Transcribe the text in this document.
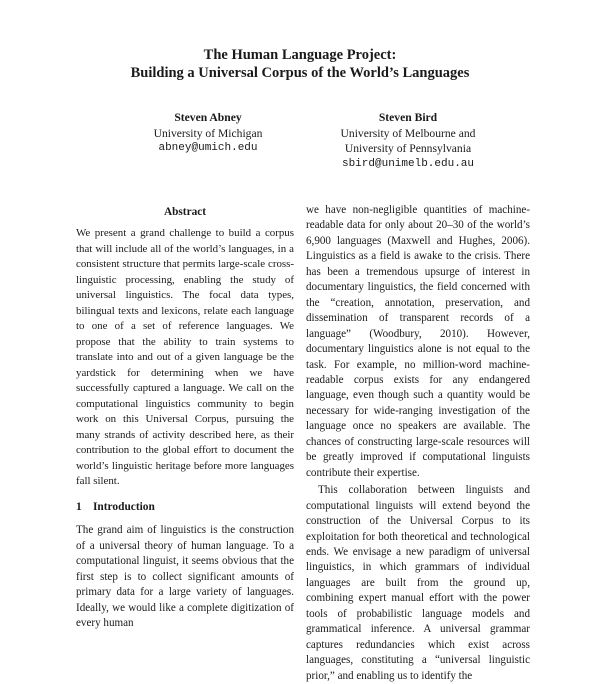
The Human Language Project:
Building a Universal Corpus of the World’s Languages
Steven Abney
University of Michigan
abney@umich.edu
Steven Bird
University of Melbourne and
University of Pennsylvania
sbird@unimelb.edu.au
Abstract

We present a grand challenge to build a corpus that will include all of the world’s languages, in a consistent structure that permits large-scale cross-linguistic processing, enabling the study of universal linguistics. The focal data types, bilingual texts and lexicons, relate each language to one of a set of reference languages. We propose that the ability to train systems to translate into and out of a given language be the yardstick for determining when we have successfully captured a language. We call on the computational linguistics community to begin work on this Universal Corpus, pursuing the many strands of activity described here, as their contribution to the global effort to document the world’s linguistic heritage before more languages fall silent.

1 Introduction

The grand aim of linguistics is the construction of a universal theory of human language. To a computational linguist, it seems obvious that the first step is to collect significant amounts of primary data for a large variety of languages. Ideally, we would like a complete digitization of every human

we have non-negligible quantities of machine-readable data for only about 20–30 of the world’s 6,900 languages (Maxwell and Hughes, 2006). Linguistics as a field is awake to the crisis. There has been a tremendous upsurge of interest in documentary linguistics, the field concerned with the “creation, annotation, preservation, and dissemination of transparent records of a language” (Woodbury, 2010). However, documentary linguistics alone is not equal to the task. For example, no million-word machine-readable corpus exists for any endangered language, even though such a quantity would be necessary for wide-ranging investigation of the language once no speakers are available. The chances of constructing large-scale resources will be greatly improved if computational linguists contribute their expertise.

This collaboration between linguists and computational linguists will extend beyond the construction of the Universal Corpus to its exploitation for both theoretical and technological ends. We envisage a new paradigm of universal linguistics, in which grammars of individual languages are built from the ground up, combining expert manual effort with the power tools of probabilistic language models and grammatical inference. A universal grammar captures redundancies which exist across languages, constituting a “universal linguistic prior,” and enabling us to identify the
